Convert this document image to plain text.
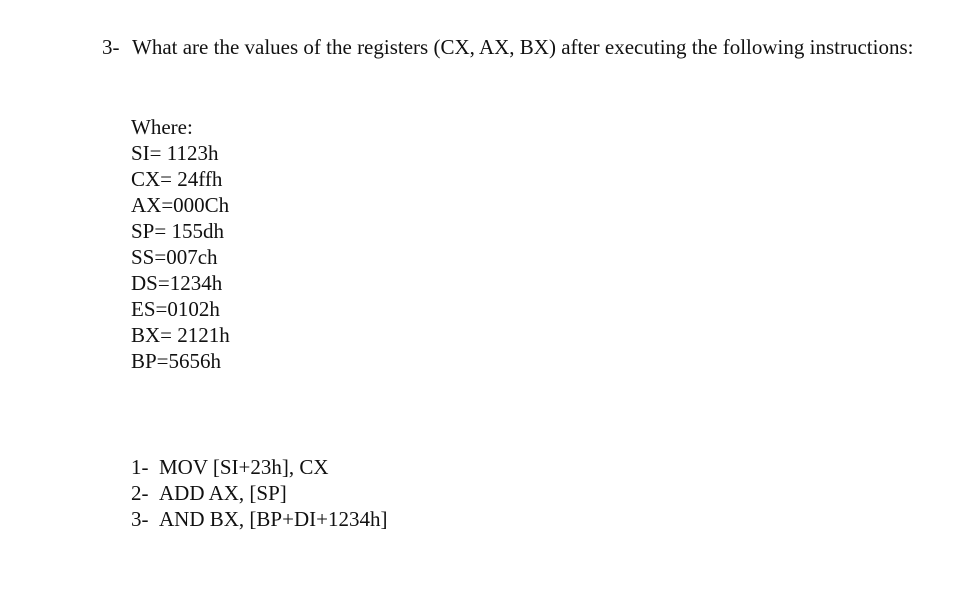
3- What are the values of the registers (CX, AX, BX) after executing the following instructions:

Where:

SI= 1123h
CX= 24ffh
AX=000Ch
SP= 155dh
SS=007ch
DS=1234h
ES=0102h
BX= 2121h
BP=5656h
1- MOV [SI+23h], CX
2- ADD AX, [SP]
3- AND BX, [BP+DI+1234h]
